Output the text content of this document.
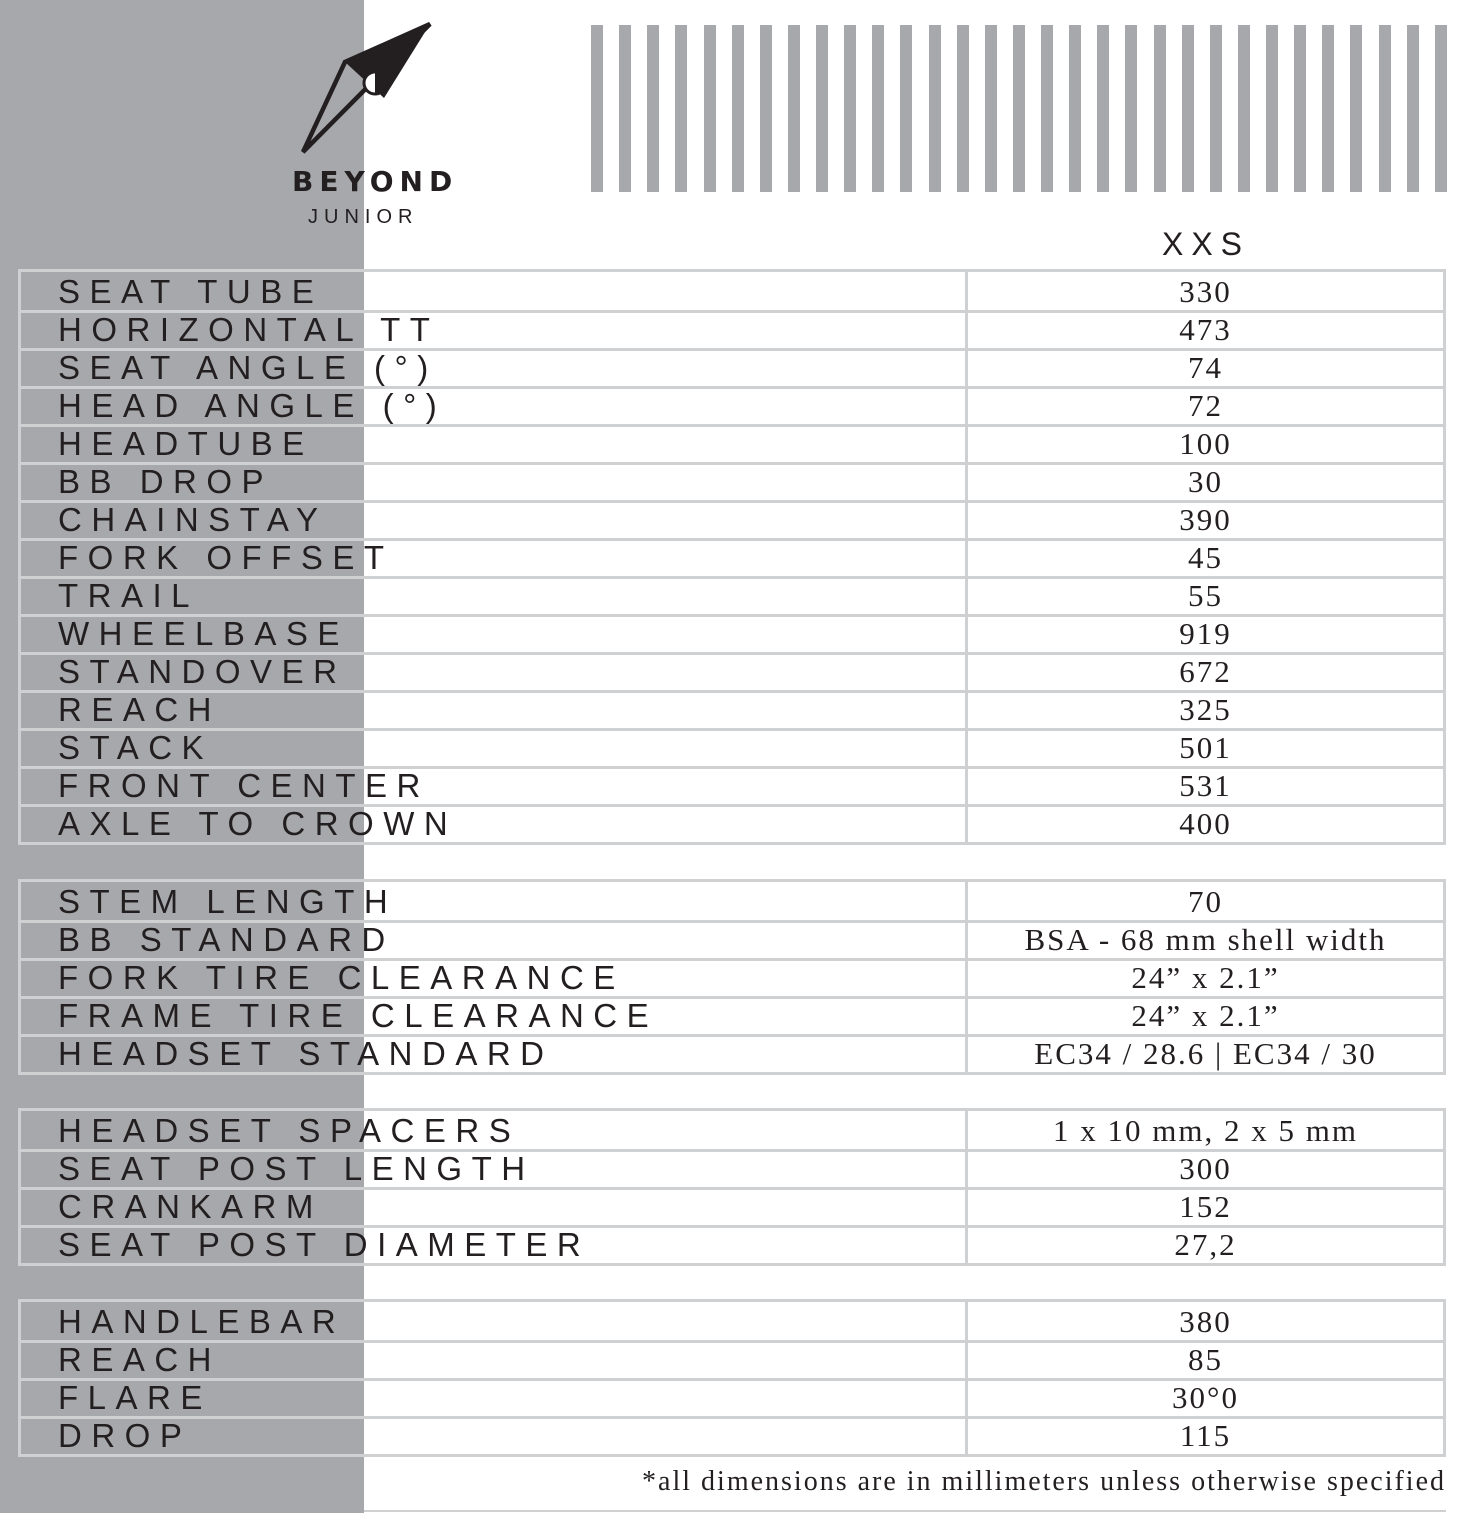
BEYOND
JUNIOR
XXS
SEAT TUBE	330
HORIZONTAL TT	473
SEAT ANGLE (°)	74
HEAD ANGLE (°)	72
HEADTUBE	100
BB DROP	30
CHAINSTAY	390
FORK OFFSET	45
TRAIL	55
WHEELBASE	919
STANDOVER	672
REACH	325
STACK	501
FRONT CENTER	531
AXLE TO CROWN	400
STEM LENGTH	70
BB STANDARD	BSA - 68 mm shell width
FORK TIRE CLEARANCE	24” x 2.1”
FRAME TIRE CLEARANCE	24” x 2.1”
HEADSET STANDARD	EC34 / 28.6 | EC34 / 30
HEADSET SPACERS	1 x 10 mm, 2 x 5 mm
SEAT POST LENGTH	300
CRANKARM	152
SEAT POST DIAMETER	27,2
HANDLEBAR	380
REACH	85
FLARE	30°0
DROP	115
*all dimensions are in millimeters unless otherwise specified
